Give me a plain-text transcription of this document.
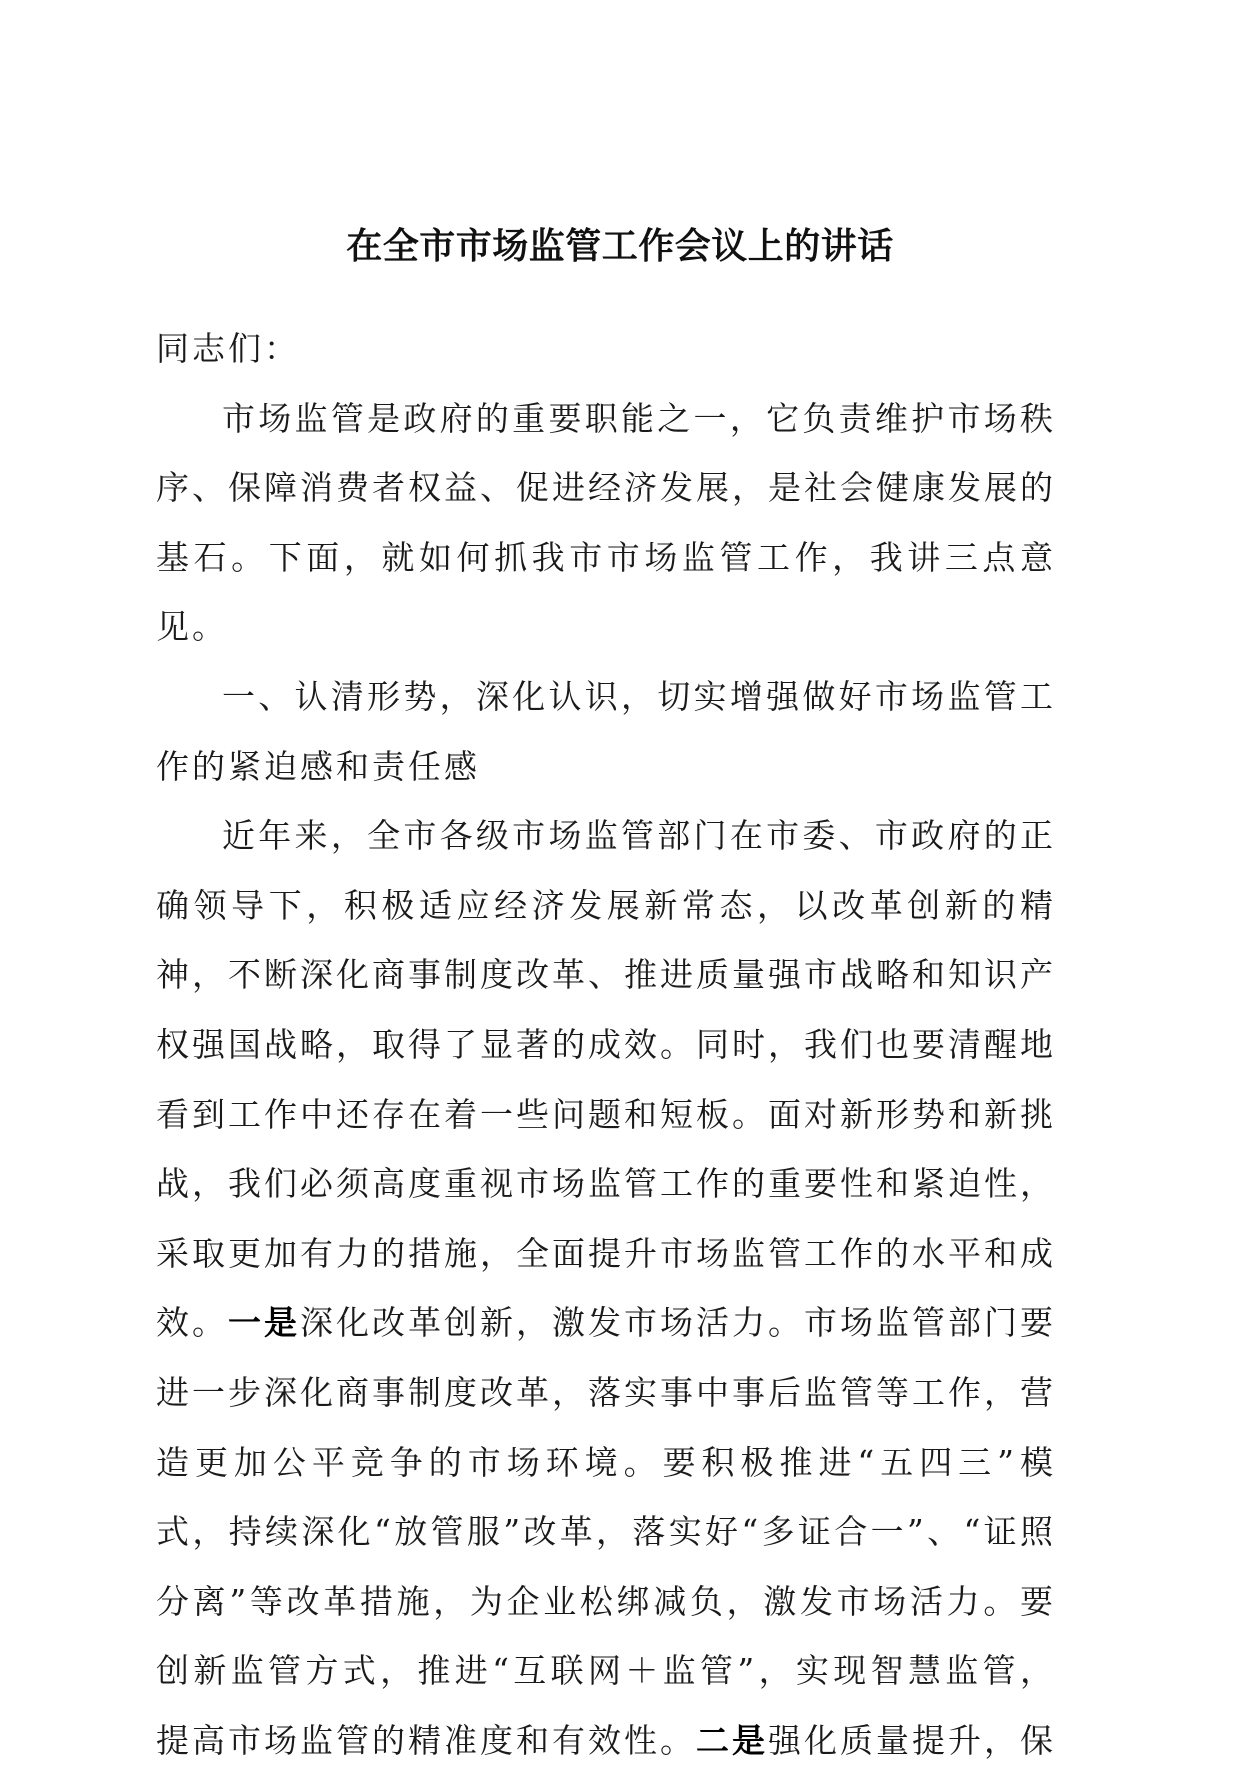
在全市市场监管工作会议上的讲话

同志们：

市场监管是政府的重要职能之一，它负责维护市场秩序、保障消费者权益、促进经济发展，是社会健康发展的基石。下面，就如何抓我市市场监管工作，我讲三点意见。

一、认清形势，深化认识，切实增强做好市场监管工作的紧迫感和责任感

近年来，全市各级市场监管部门在市委、市政府的正确领导下，积极适应经济发展新常态，以改革创新的精神，不断深化商事制度改革、推进质量强市战略和知识产权强国战略，取得了显著的成效。同时，我们也要清醒地看到工作中还存在着一些问题和短板。面对新形势和新挑战，我们必须高度重视市场监管工作的重要性和紧迫性，采取更加有力的措施，全面提升市场监管工作的水平和成效。一是深化改革创新，激发市场活力。市场监管部门要进一步深化商事制度改革，落实事中事后监管等工作，营造更加公平竞争的市场环境。要积极推进“五四三”模式，持续深化“放管服”改革，落实好“多证合一”、“证照分离”等改革措施，为企业松绑减负，激发市场活力。要创新监管方式，推进“互联网＋监管”，实现智慧监管，提高市场监管的精准度和有效性。二是强化质量提升，保
